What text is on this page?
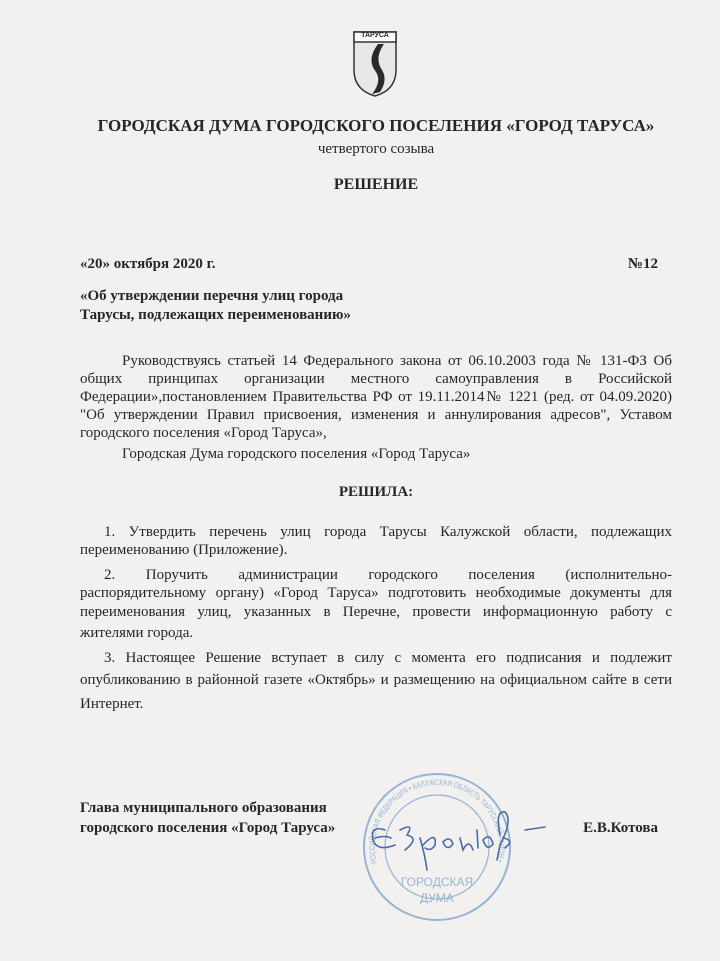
ТАРУСА
ГОРОДСКАЯ ДУМА ГОРОДСКОГО ПОСЕЛЕНИЯ «ГОРОД ТАРУСА»
четвертого созыва
РЕШЕНИЕ
«20» октября 2020 г.	№12
«Об утверждении перечня улиц города
Тарусы, подлежащих переименованию»
Руководствуясь статьей 14 Федерального закона от 06.10.2003 года № 131-ФЗ Об
общих принципах организации местного самоуправления в Российской
Федерации»,постановлением Правительства РФ от 19.11.2014№ 1221 (ред. от 04.09.2020)
"Об утверждении Правил присвоения, изменения и аннулирования адресов", Уставом
городского поселения «Город Таруса»,
Городская Дума городского поселения «Город Таруса»
РЕШИЛА:
1. Утвердить перечень улиц города Тарусы Калужской области, подлежащих
переименованию (Приложение).
2. Поручить администрации городского поселения (исполнительно-
распорядительному органу) «Город Таруса» подготовить необходимые документы для
переименования улиц, указанных в Перечне, провести информационную работу с
жителями города.
3. Настоящее Решение вступает в силу с момента его подписания и подлежит
опубликованию в районной газете «Октябрь» и размещению на официальном сайте в сети
Интернет.
РОССИЙСКАЯ ФЕДЕРАЦИЯ • КАЛУЖСКАЯ ОБЛАСТЬ ТАРУССКИЙ РАЙОН •
ГОРОДСКАЯ
ДУМА
Глава муниципального образования
городского поселения «Город Таруса»	Е.В.Котова
